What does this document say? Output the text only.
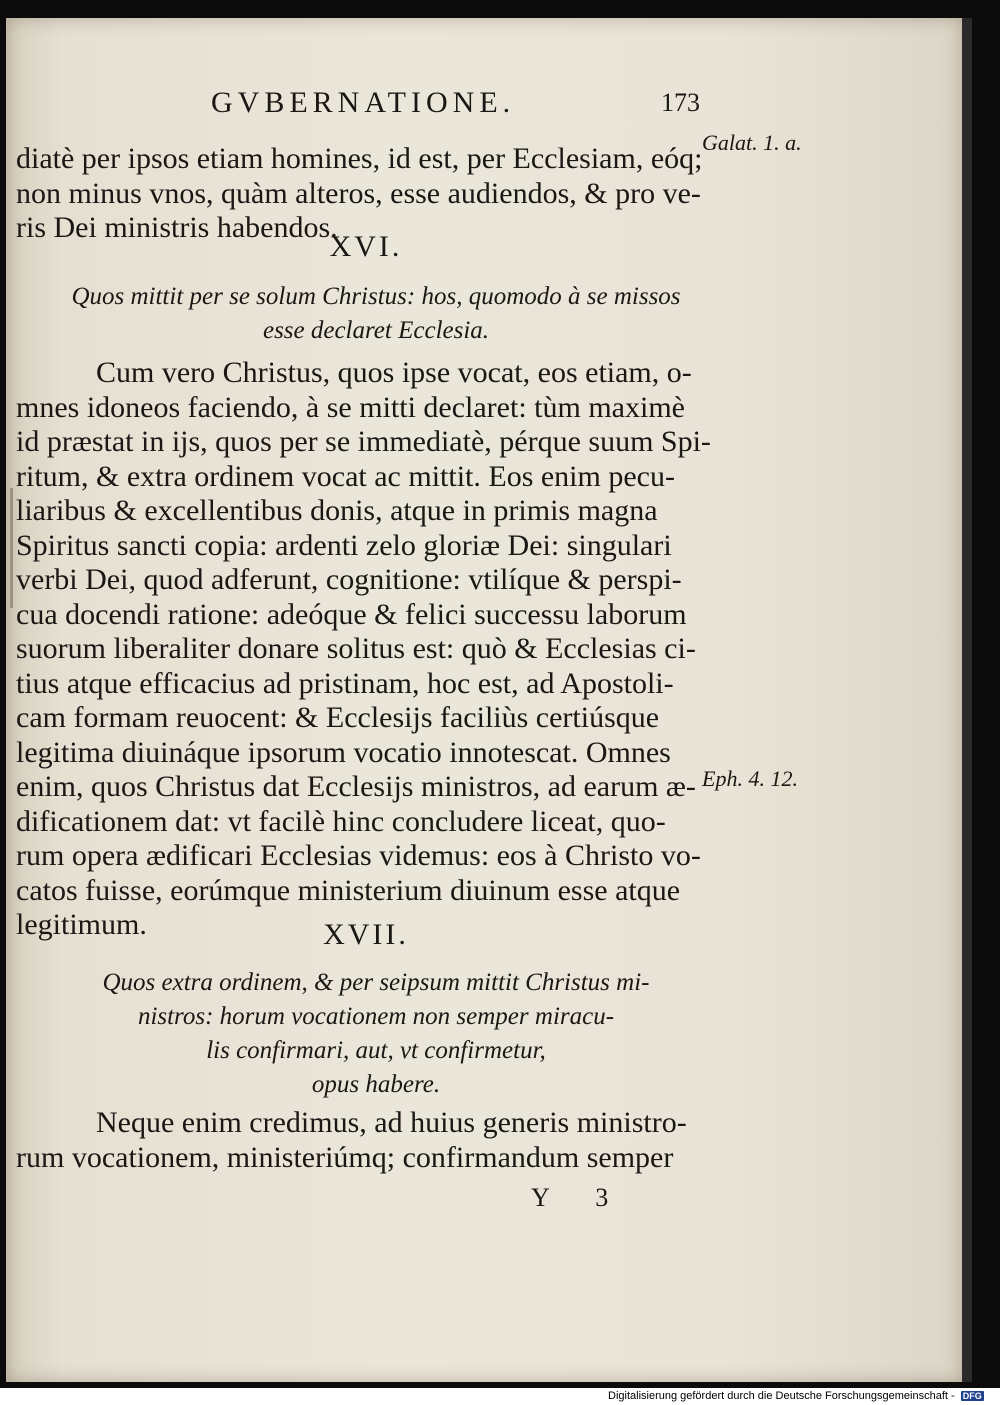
GVBERNATIONE.	173
Galat. 1. a.
diatè per ipsos etiam homines, id est, per Ecclesiam, eóq;
non minus vnos, quàm alteros, esse audiendos, & pro ve-
ris Dei ministris habendos.
XVI.
Quos mittit per se solum Christus: hos, quomodo à se missos
esse declaret Ecclesia.
Cum vero Christus, quos ipse vocat, eos etiam, o-
mnes idoneos faciendo, à se mitti declaret: tùm maximè
id præstat in ijs, quos per se immediatè, pérque suum Spi-
ritum, & extra ordinem vocat ac mittit. Eos enim pecu-
liaribus & excellentibus donis, atque in primis magna
Spiritus sancti copia: ardenti zelo gloriæ Dei: singulari
verbi Dei, quod adferunt, cognitione: vtilíque & perspi-
cua docendi ratione: adeóque & felici successu laborum
suorum liberaliter donare solitus est: quò & Ecclesias ci-
tius atque efficacius ad pristinam, hoc est, ad Apostoli-
cam formam reuocent: & Ecclesijs faciliùs certiúsque
legitima diuináque ipsorum vocatio innotescat. Omnes
enim, quos Christus dat Ecclesijs ministros, ad earum æ-
dificationem dat: vt facilè hinc concludere liceat, quo-
rum opera ædificari Ecclesias videmus: eos à Christo vo-
catos fuisse, eorúmque ministerium diuinum esse atque
legitimum.
Eph. 4. 12.
XVII.
Quos extra ordinem, & per seipsum mittit Christus mi-
nistros: horum vocationem non semper miracu-
lis confirmari, aut, vt confirmetur,
opus habere.
Neque enim credimus, ad huius generis ministro-
rum vocationem, ministeriúmq; confirmandum semper
Y 3
Digitalisierung gefördert durch die Deutsche Forschungsgemeinschaft - DFG
